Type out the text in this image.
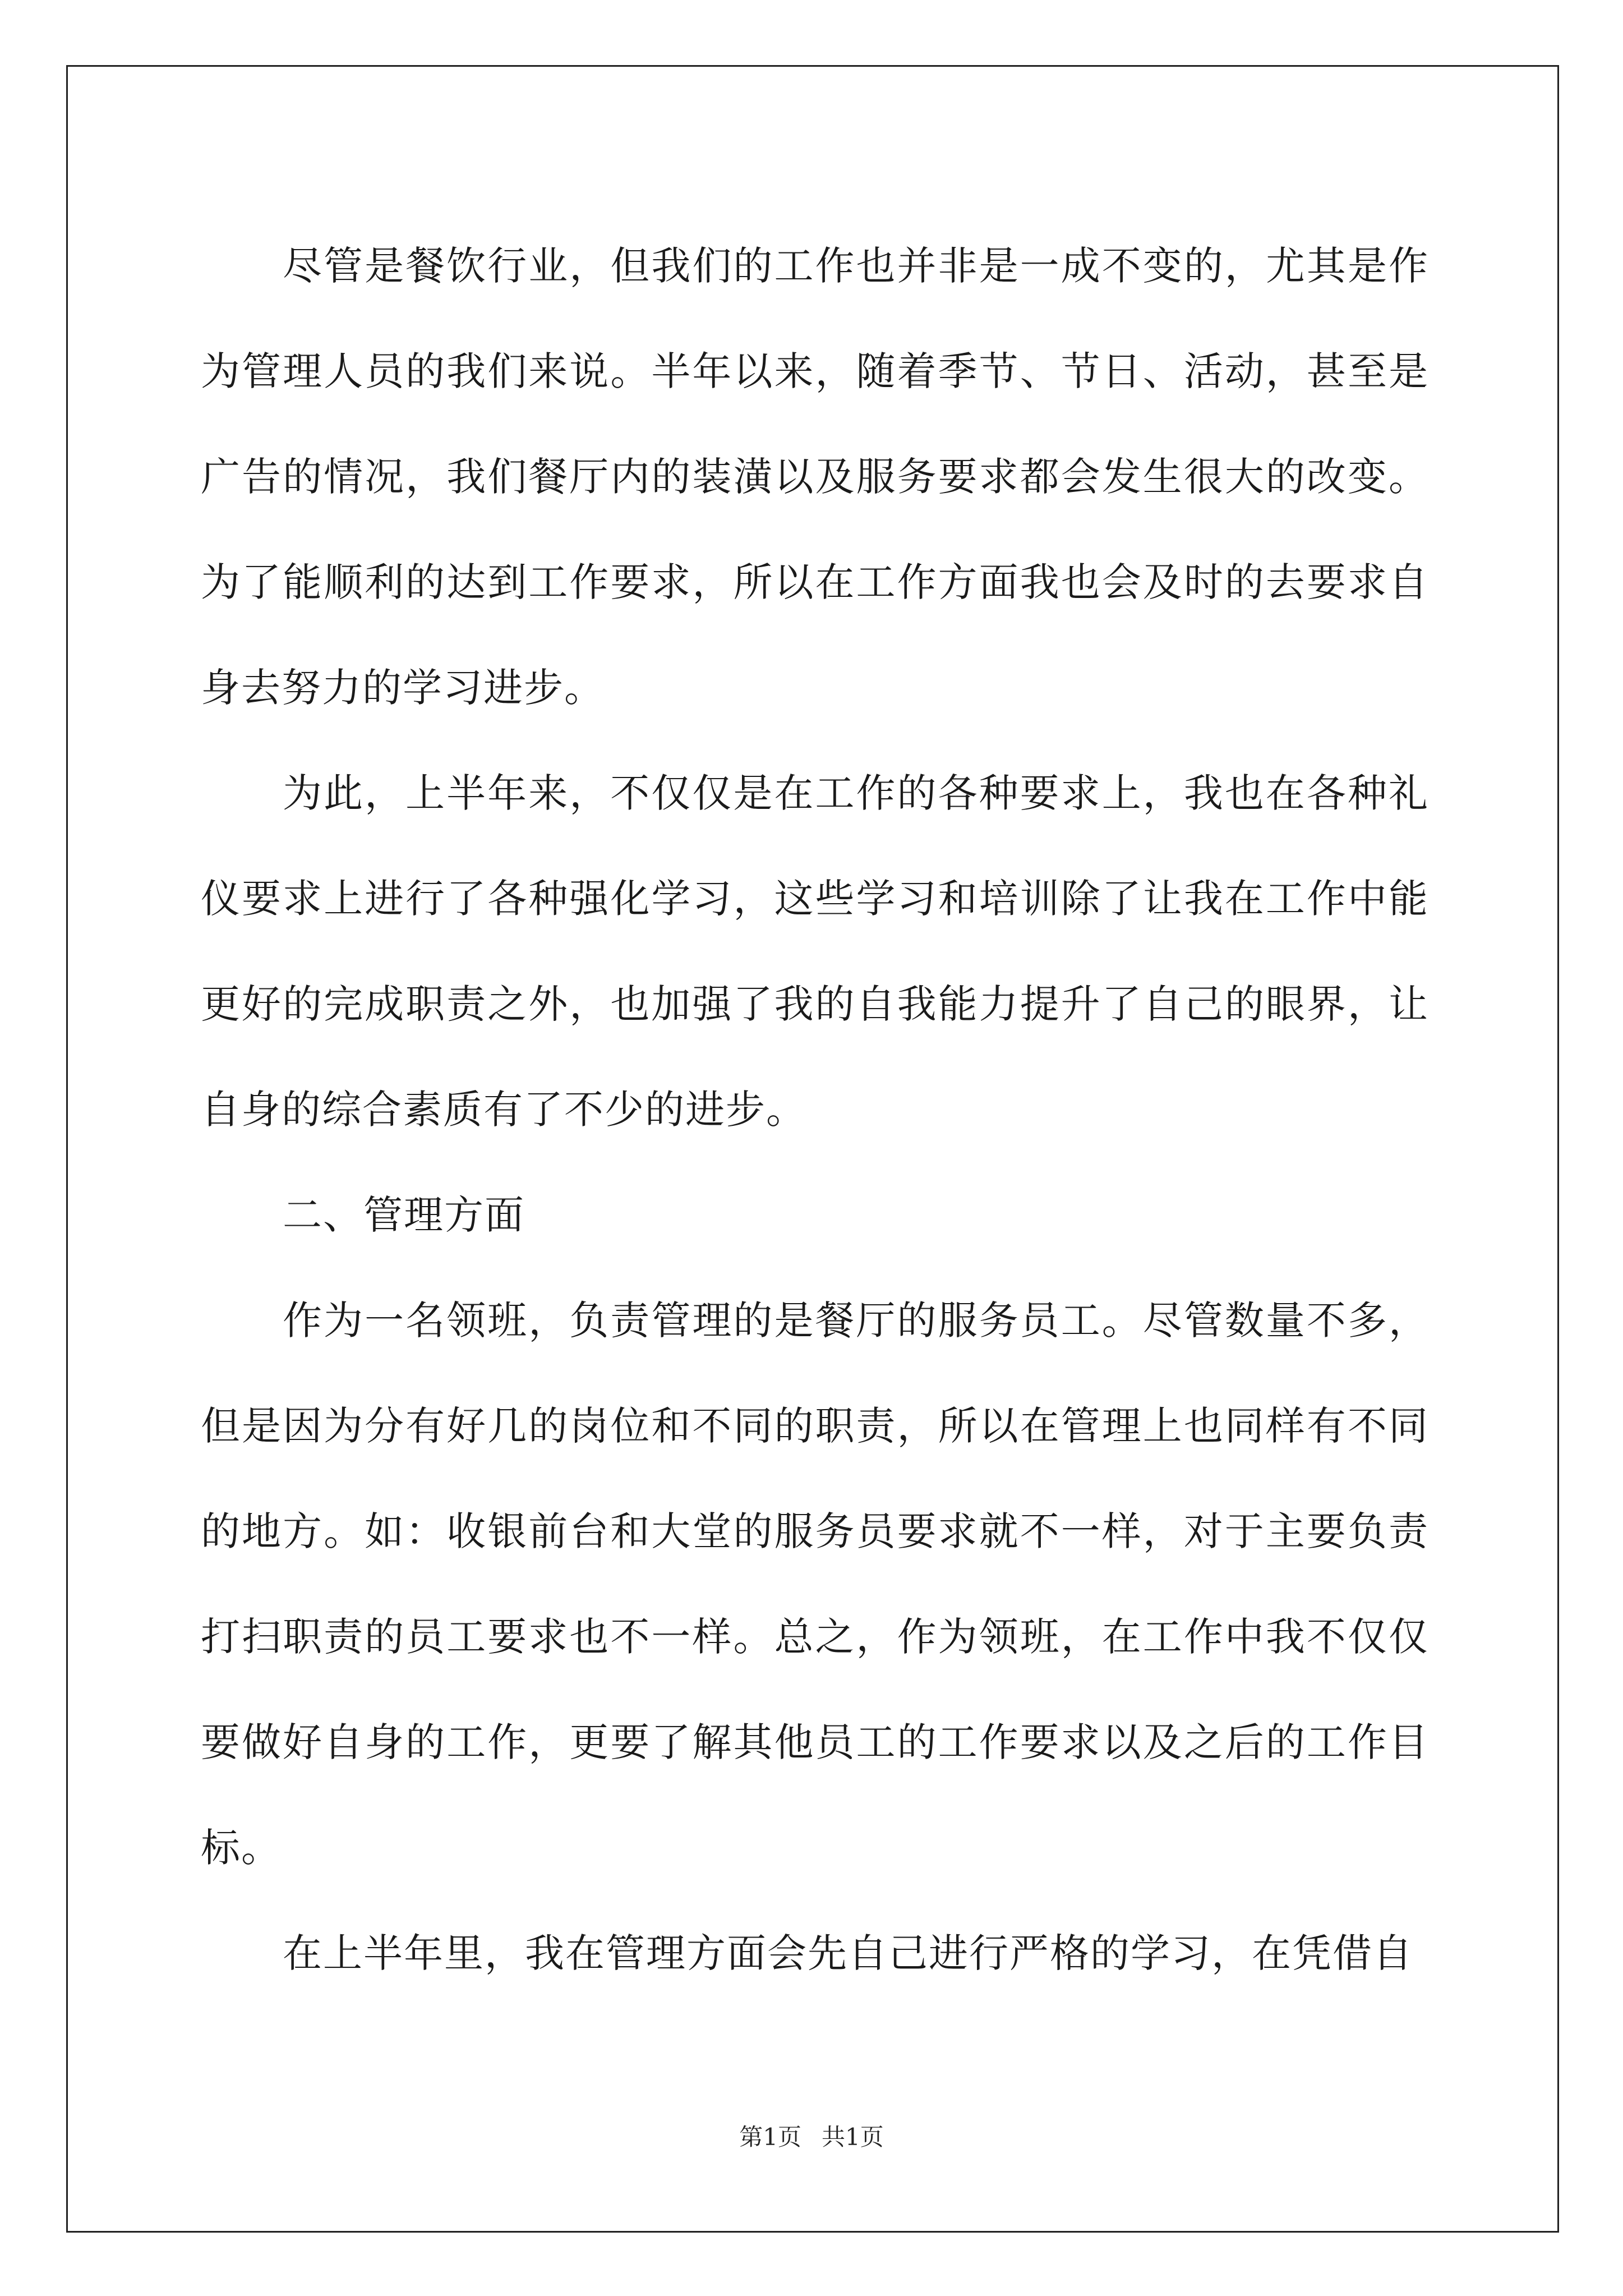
尽管是餐饮行业，但我们的工作也并非是一成不变的，尤其是作为管理人员的我们来说。半年以来，随着季节、节日、活动，甚至是广告的情况，我们餐厅内的装潢以及服务要求都会发生很大的改变。为了能顺利的达到工作要求，所以在工作方面我也会及时的去要求自身去努力的学习进步。

为此，上半年来，不仅仅是在工作的各种要求上，我也在各种礼仪要求上进行了各种强化学习，这些学习和培训除了让我在工作中能更好的完成职责之外，也加强了我的自我能力提升了自己的眼界，让自身的综合素质有了不少的进步。

二、管理方面

作为一名领班，负责管理的是餐厅的服务员工。尽管数量不多，但是因为分有好几的岗位和不同的职责，所以在管理上也同样有不同的地方。如：收银前台和大堂的服务员要求就不一样，对于主要负责打扫职责的员工要求也不一样。总之，作为领班，在工作中我不仅仅要做好自身的工作，更要了解其他员工的工作要求以及之后的工作目标。

在上半年里，我在管理方面会先自己进行严格的学习，在凭借自

第1页 共1页
